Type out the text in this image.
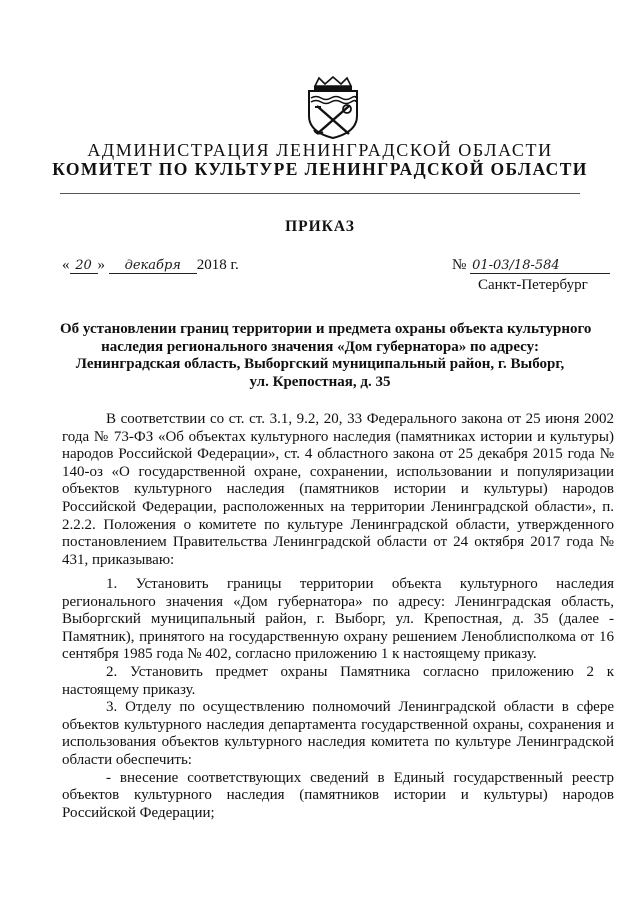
АДМИНИСТРАЦИЯ ЛЕНИНГРАДСКОЙ ОБЛАСТИ
КОМИТЕТ ПО КУЛЬТУРЕ ЛЕНИНГРАДСКОЙ ОБЛАСТИ
ПРИКАЗ
« 20 » декабря 2018 г.	№ 01-03/18-584
Санкт-Петербург
Об установлении границ территории и предмета охраны объекта культурного
наследия регионального значения «Дом губернатора» по адресу:
Ленинградская область, Выборгский муниципальный район, г. Выборг,
ул. Крепостная, д. 35

В соответствии со ст. ст. 3.1, 9.2, 20, 33 Федерального закона от 25 июня 2002 года № 73-ФЗ «Об объектах культурного наследия (памятниках истории и культуры) народов Российской Федерации», ст. 4 областного закона от 25 декабря 2015 года № 140-оз «О государственной охране, сохранении, использовании и популяризации объектов культурного наследия (памятников истории и культуры) народов Российской Федерации, расположенных на территории Ленинградской области», п. 2.2.2. Положения о комитете по культуре Ленинградской области, утвержденного постановлением Правительства Ленинградской области от 24 октября 2017 года № 431, приказываю:

1. Установить границы территории объекта культурного наследия регионального значения «Дом губернатора» по адресу: Ленинградская область, Выборгский муниципальный район, г. Выборг, ул. Крепостная, д. 35 (далее - Памятник), принятого на государственную охрану решением Леноблисполкома от 16 сентября 1985 года № 402, согласно приложению 1 к настоящему приказу.

2. Установить предмет охраны Памятника согласно приложению 2 к настоящему приказу.

3. Отделу по осуществлению полномочий Ленинградской области в сфере объектов культурного наследия департамента государственной охраны, сохранения и использования объектов культурного наследия комитета по культуре Ленинградской области обеспечить:

- внесение соответствующих сведений в Единый государственный реестр объектов культурного наследия (памятников истории и культуры) народов Российской Федерации;
